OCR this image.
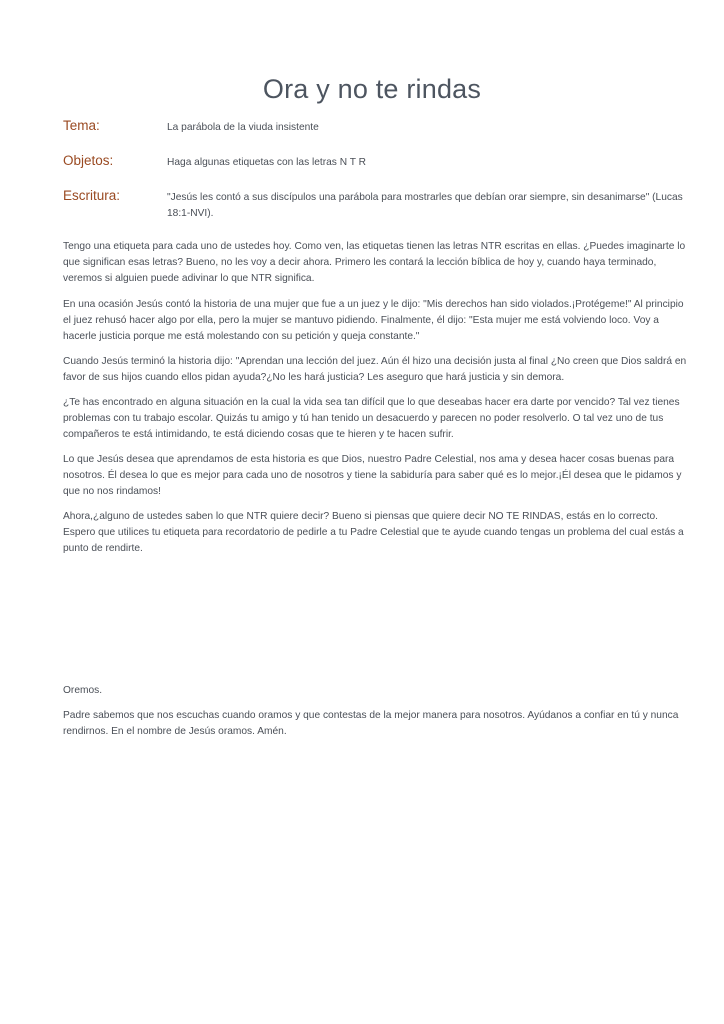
Ora y no te rindas
Tema:	La parábola de la viuda insistente
Objetos:	Haga algunas etiquetas con las letras N T R
Escritura:	"Jesús les contó a sus discípulos una parábola para mostrarles que debían orar siempre, sin desanimarse" (Lucas 18:1-NVI).

Tengo una etiqueta para cada uno de ustedes hoy. Como ven, las etiquetas tienen las letras NTR escritas en ellas. ¿Puedes imaginarte lo que significan esas letras? Bueno, no les voy a decir ahora. Primero les contará la lección bíblica de hoy y, cuando haya terminado, veremos si alguien puede adivinar lo que NTR significa.

En una ocasión Jesús contó la historia de una mujer que fue a un juez y le dijo: "Mis derechos han sido violados.¡Protégeme!" Al principio el juez rehusó hacer algo por ella, pero la mujer se mantuvo pidiendo. Finalmente, él dijo: "Esta mujer me está volviendo loco. Voy a hacerle justicia porque me está molestando con su petición y queja constante."

Cuando Jesús terminó la historia dijo: "Aprendan una lección del juez. Aún él hizo una decisión justa al final ¿No creen que Dios saldrá en favor de sus hijos cuando ellos pidan ayuda?¿No les hará justicia? Les aseguro que hará justicia y sin demora.

¿Te has encontrado en alguna situación en la cual la vida sea tan difícil que lo que deseabas hacer era darte por vencido? Tal vez tienes problemas con tu trabajo escolar. Quizás tu amigo y tú han tenido un desacuerdo y parecen no poder resolverlo. O tal vez uno de tus compañeros te está intimidando, te está diciendo cosas que te hieren y te hacen sufrir.

Lo que Jesús desea que aprendamos de esta historia es que Dios, nuestro Padre Celestial, nos ama y desea hacer cosas buenas para nosotros. Él desea lo que es mejor para cada uno de nosotros y tiene la sabiduría para saber qué es lo mejor.¡Él desea que le pidamos y que no nos rindamos!

Ahora,¿alguno de ustedes saben lo que NTR quiere decir? Bueno si piensas que quiere decir NO TE RINDAS, estás en lo correcto. Espero que utilices tu etiqueta para recordatorio de pedirle a tu Padre Celestial que te ayude cuando tengas un problema del cual estás a punto de rendirte.

Oremos.

Padre sabemos que nos escuchas cuando oramos y que contestas de la mejor manera para nosotros. Ayúdanos a confiar en tú y nunca rendirnos. En el nombre de Jesús oramos. Amén.
